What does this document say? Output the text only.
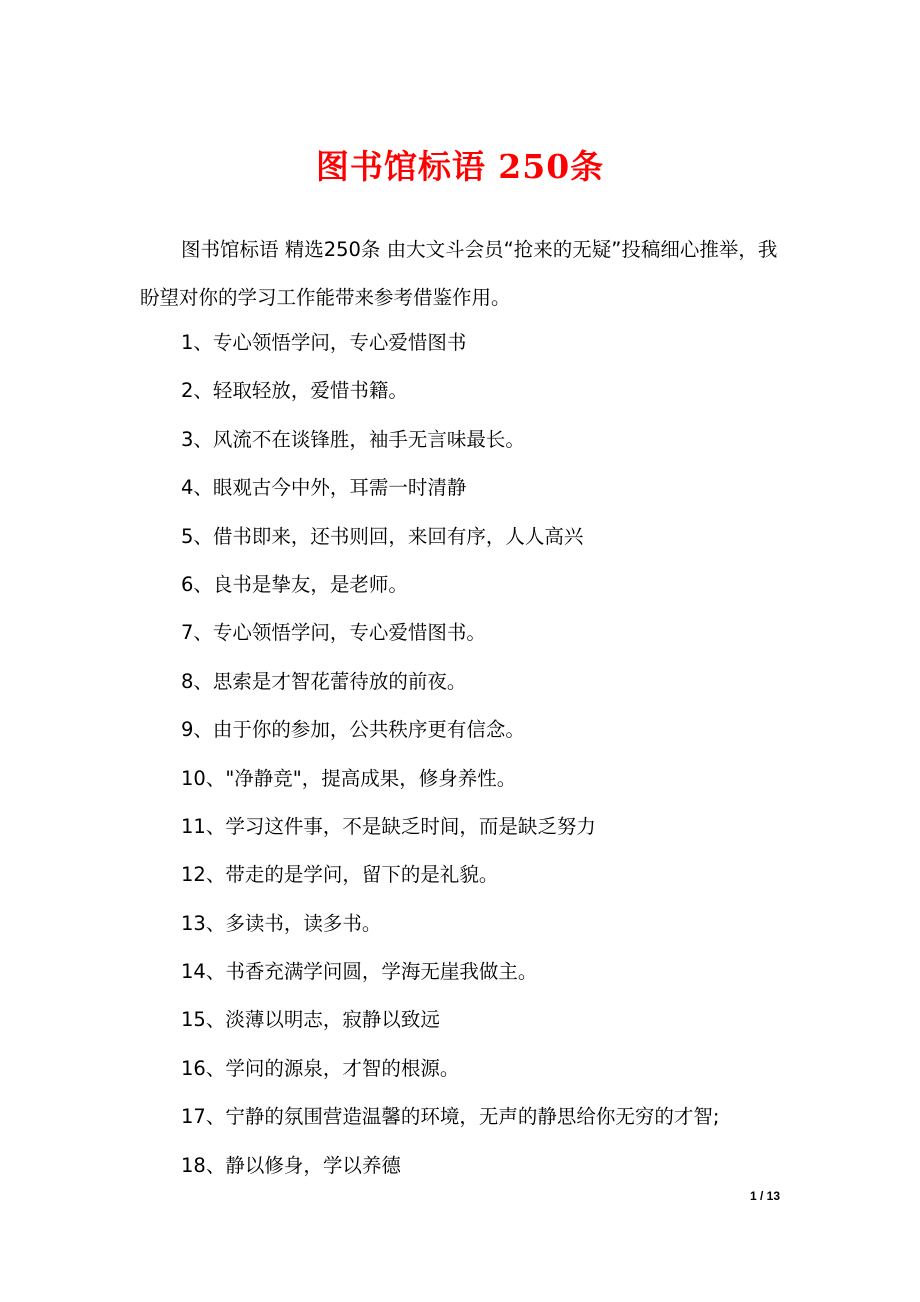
图书馆标语 250条
图书馆标语 精选250条 由大文斗会员“抢来的无疑”投稿细心推举，我盼望对你的学习工作能带来参考借鉴作用。
1、专心领悟学问，专心爱惜图书
2、轻取轻放，爱惜书籍。
3、风流不在谈锋胜，袖手无言味最长。
4、眼观古今中外，耳需一时清静
5、借书即来，还书则回，来回有序，人人高兴
6、良书是挚友，是老师。
7、专心领悟学问，专心爱惜图书。
8、思索是才智花蕾待放的前夜。
9、由于你的参加，公共秩序更有信念。
10、"净静竞"，提高成果，修身养性。
11、学习这件事，不是缺乏时间，而是缺乏努力
12、带走的是学问，留下的是礼貌。
13、多读书，读多书。
14、书香充满学问圆，学海无崖我做主。
15、淡薄以明志，寂静以致远
16、学问的源泉，才智的根源。
17、宁静的氛围营造温馨的环境，无声的静思给你无穷的才智;
18、静以修身，学以养德
1 / 13
